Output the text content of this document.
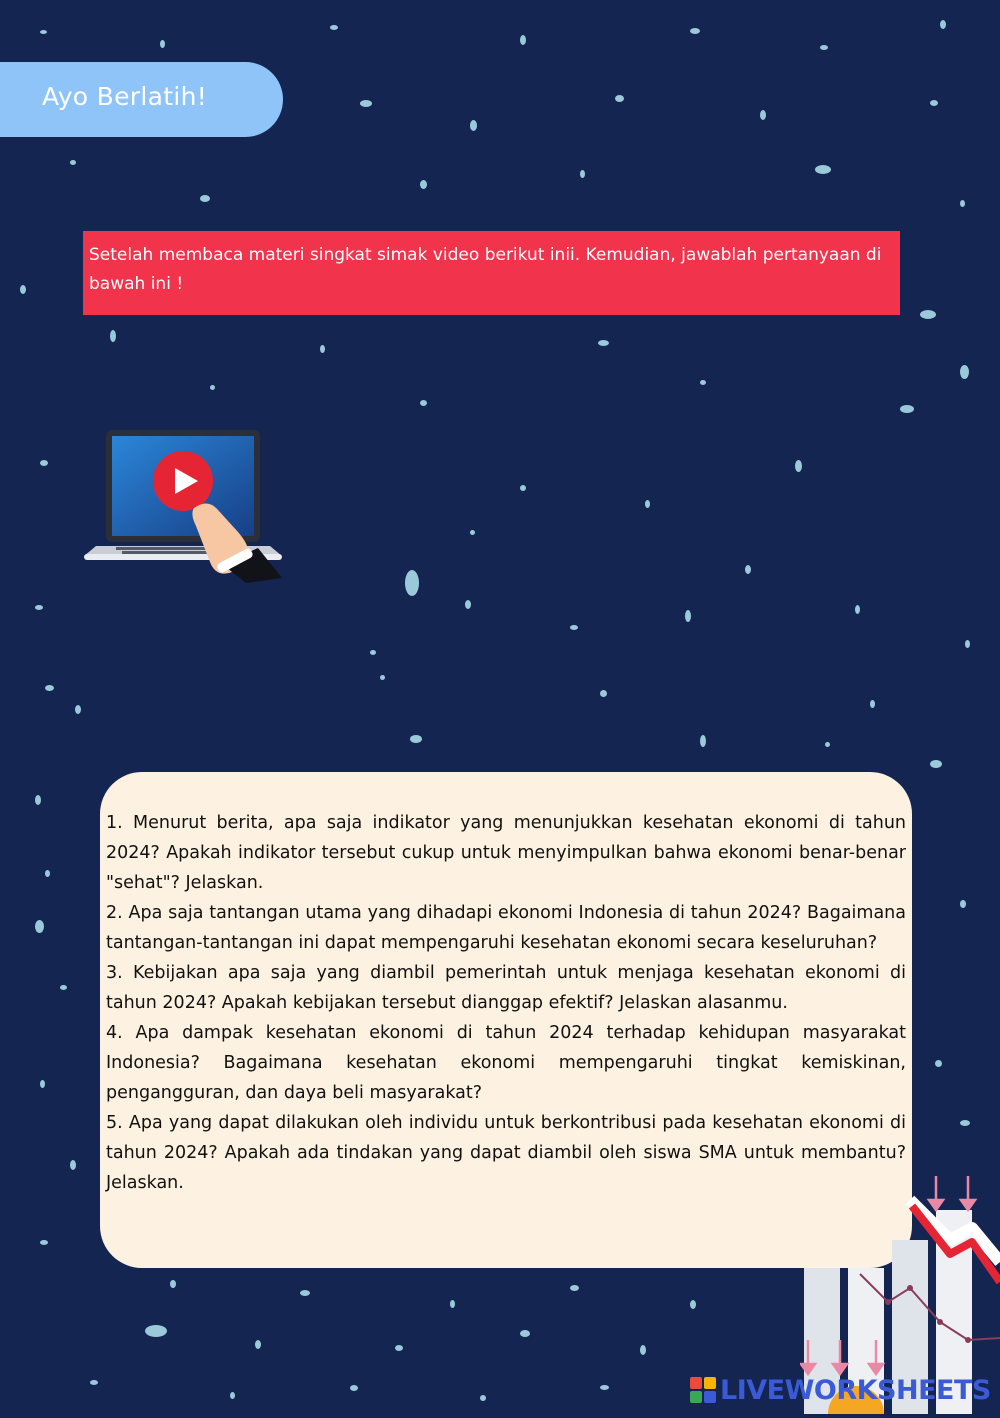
Ayo Berlatih!

Setelah membaca materi singkat simak video berikut inii. Kemudian, jawablah pertanyaan di bawah ini !

1. Menurut berita, apa saja indikator yang menunjukkan kesehatan ekonomi di tahun 2024? Apakah indikator tersebut cukup untuk menyimpulkan bahwa ekonomi benar-benar "sehat"? Jelaskan.

2. Apa saja tantangan utama yang dihadapi ekonomi Indonesia di tahun 2024? Bagaimana tantangan-tantangan ini dapat mempengaruhi kesehatan ekonomi secara keseluruhan?

3. Kebijakan apa saja yang diambil pemerintah untuk menjaga kesehatan ekonomi di tahun 2024? Apakah kebijakan tersebut dianggap efektif? Jelaskan alasanmu.

4. Apa dampak kesehatan ekonomi di tahun 2024 terhadap kehidupan masyarakat Indonesia? Bagaimana kesehatan ekonomi mempengaruhi tingkat kemiskinan, pengangguran, dan daya beli masyarakat?

5. Apa yang dapat dilakukan oleh individu untuk berkontribusi pada kesehatan ekonomi di tahun 2024? Apakah ada tindakan yang dapat diambil oleh siswa SMA untuk membantu? Jelaskan.

LIVEWORKSHEETS
